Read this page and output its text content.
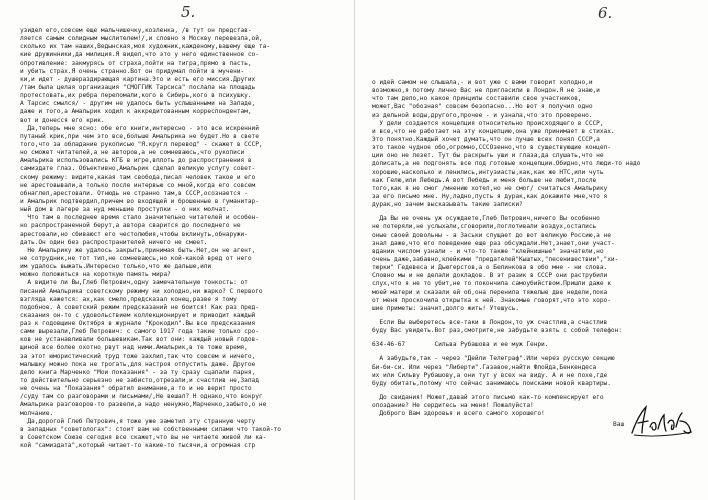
5.
узидел его,совсем еще мальчишечку,козленка, /в тут он представ-
ляется самым солидным мыслителем!/,и словно я Москву перевезла,ой,
сколько их там наших,Ведынская,моя художник,кажденому,вашему еще та-
кие дружинники,да милиция.Я видел,что это у него единственное со-
опротивление: закмурясь от страха,пойти на тигра,прямо в пасть,
и убить страх.Я очень странно.Вот он придумал пойти в мучени-
ки,и идет - душераздирающая картина.Это и есть его миссия.Других
/там была целая организация "СМОГГИК Тарсиса" послала на площадь
протестовать,их ребра переломали,кого в Сибирь,кого в психушку.
А Тарсис смылся/ - другим не удалось быть услышанными на Западе,
даже и того,а Амальрик ходил к аккредитованным корреспондентам,
вот и донесся его крик.
Да,теперь мне ясно: обе его книги,интересно - это все искренний
путаный крик,при чем это все,больше Амальрика не будет.Но в свете
того,что за обладание рукописью "Я.кругл перевод" - скажет в СССР,
но сможет читателей,а не авторов,а не сомневаюсь,что рукописи
Амальрика использовались КГБ в игре,вплоть до распространения в
самиздате глаз. Объективно,Амальрик сделал великую услугу совет-
скому режиму: видите,какая там свобода,писал человек такое и его
не арестовывали,а только после интервью со мной,когда его совсем
обнаглел,арестовали. Отнюдь не странно там,в СССР,осознается -
и Амальрик подтвердил,причем во входящей и брошенные в гуманитар-
ный дом в лагере за нуд меньшие проступки - о них молчат.
Что там в последнее время стало значительно читателей и особен-
но распространенной берут,а автора сварится до последнего не
арестовали,но сбиваюст его честолюбия,чтобы вклинуть,обнаружи-
дать.Он один без распространителей ничего не смеет.
Не Амальрику же удалось закрыть,принимая быть.Нет,он не агент,
не сотрудник,не тот тип,не сомневаюсь,но кой-какой вред от него
им удалось выжать.Интересно только,что же дальше,или
можно положиться на короткую память мира?
А видите ли Вы,Глеб Петрович,одну замечательную тонкость: от
писаний Амальрика советскому режиму ни холодно,ни жарко? С первого
взгляда кажется: ах,как смело,предсказал конец,разве я тому
подобное. А советский режим предсказаний не боится! Как раз пред-
сказания он-то с удовольствием коллекционирует и приводит каждый
раз к годовщине Октября в журнале "Крокодил".Вы все предсказания
сами вырезали,Глеб Петрович: с самого 1917 года такие только сро-
ков не устанавливали большевикам.Так вот они: каждый новый годов-
щиной все более охотно рвут над ними.Амальрик,в те тоже время,
за этот юмористический труд тоже захлил,так что совсем и ничего,
малышку можно пока не трогать,для настроя отпустить даже. Другое
дело книга Марченко "Мои показания" - за ту сразу сцапали парня,
то действительно серьезно не забисто,отрезали,и счастлив не,Запад
не очень на "Показания" обратил внимание,а то и не верит просто
/суду там со разговорами и письмами/,Не вешал? Н однако,что вокруг
Амальрика разговоров-то развели,а надо ненужно,Марченко,забыто,о не
молчание.
Да,дорогой Глеб Петрович,я тоже уже заметил эту странную черту
в западных "советологах": стоит вам не собственными силами что такой-то
в Советском Союзе сегодня все скажет,что вы не читаете живой ли ка-
кой "самиздата",который читает-то какие-то тысячи,а огромная стр
6.
о идей самом не слышала,- и вот уже с вами говорит холодно,и
возможно,я потому лично Вас не пригласили в Лондон.Я не знаю,и
что там дело,но какое принципы составили свое участников,
может,Вас "обозная" совсем безопасно...Но вот я получил одно
из дельной воды,другого,прочее - и узнала,что это проверено.
У дели создается концепция относительно происходящего в СССР,
и все,что не работает на эту концепцию,она уже принимает в стихах.
Это понятно.Каждый хочет думать,что он лучше всех понял СССР,а
это такое чудное обо,огромно,СССОзенно,что в существующие концеп-
ции оно не лезет. Тут бы раскрыть уши и глаза,да слушать,что не
дописать,а не подгонять все под готовые концепции.Обидно,что люди-то надо
хорошие,насколько и ленились,интузиасты,как,как же НТС,или чуть
как Гелю,или Лебедь.А вот Лебедь и меня больше не любит,после
того,как я не смог /мнению хотел,но не смог/ считаться Амальрику
за его письмо мне. Ну,ладно,пусть я дурак,как докажите мне,что я
дурак,но зачем высказывать такие записки?
Да Вы не очень уж осуждаете,Глеб Петрович,ничего Вы особенно
не потеряли,не услыхали,сговорили,поглотивали воздух,остались
оные своей довольны - а Заськи спущает до вот великую Россию,а не
знал даже,что его поведение еще раз обсуждали.Нет,знает,они участ-
вдании числом узнали - и что-то также "клейнишные" значатели,но
очень даже,забавно,клейкими "предателей"Кыштых,"песенишествии","хи-
тюрки" Гедевеса и Дьюгерстов,а о Белинкова в обо мне - ни слова.
Словно мы и не делали докладов. В эт разик в СССР они раструбили
слух,что я не то убит,не то покончила самоубийством.Пришли даже к
моей матери и сказали ей об,она перенила тяжелые две недели,пока
от меня проскочила открытка к ней. Знакомые говорят,что это хоро-
шие приметы: значит,долго жить! Утешусь.
Если Вы выберетесь все-таки в Лондон,то уж счастлив,а счастлив
буду Вас увидеть.Вот раз,смотрите,не забудьте взять с собой телефон:
634-46-67        Сильва Рубашова и ее муж Генри.
А забудьте,так - через "Дейли Телеграф".Или через русскую секцию
Би-би-си. Или через "Либерти".Газавое,найти Флойда,Бенкендеса
их или Сильву Рубашову,а они тут у всех на виду. А и не похе,где
буду обитать,потому что сейчас занимаюсь поисками новой квартиры.
До свидания! Может,давай этого письмо как-то компенсирует его
опоздание? Не сердитесь на меня! Пожалуйста!
Доброго Вам здоровья и всего самого хорошего!
Ваш
